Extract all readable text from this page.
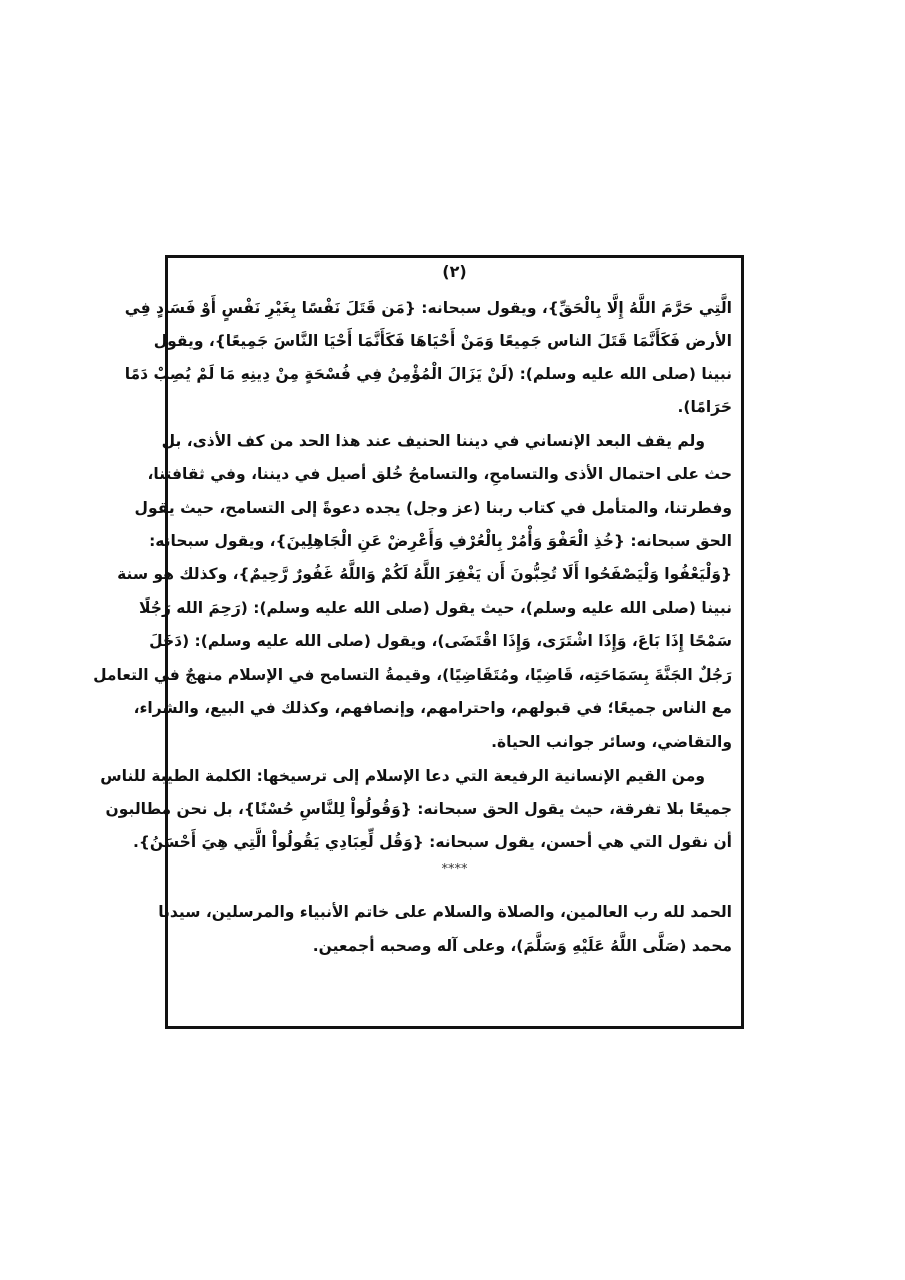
(٢)
الَّتِي حَرَّمَ اللَّهُ إِلَّا بِالْحَقِّ}، ويقول سبحانه: {مَن قَتَلَ نَفْسًا بِغَيْرِ نَفْسٍ أَوْ فَسَادٍ فِي
الأرض فَكَأَنَّمَا قَتَلَ الناس جَمِيعًا وَمَنْ أَحْيَاهَا فَكَأَنَّمَا أَحْيَا النَّاسَ جَمِيعًا}، ويقول
نبينا (صلى الله عليه وسلم): (لَنْ يَزَالَ الْمُؤْمِنُ فِي فُسْحَةٍ مِنْ دِينِهِ مَا لَمْ يُصِبْ دَمًا
حَرَامًا).
ولم يقف البعد الإنساني في ديننا الحنيف عند هذا الحد من كف الأذى، بل
حث على احتمال الأذى والتسامحِ، والتسامحُ خُلق أصيل في ديننا، وفي ثقافتنا،
وفطرتنا، والمتأمل في كتاب ربنا (عز وجل) يجده دعوةً إلى التسامح، حيث يقول
الحق سبحانه: {خُذِ الْعَفْوَ وَأْمُرْ بِالْعُرْفِ وَأَعْرِضْ عَنِ الْجَاهِلِينَ}، ويقول سبحانه:
{وَلْيَعْفُوا وَلْيَصْفَحُوا أَلَا تُحِبُّونَ أَن يَغْفِرَ اللَّهُ لَكُمْ وَاللَّهُ غَفُورٌ رَّحِيمٌ}، وكذلك هو سنة
نبينا (صلى الله عليه وسلم)، حيث يقول (صلى الله عليه وسلم): (رَحِمَ الله رَجُلًا
سَمْحًا إِذَا بَاعَ، وَإِذَا اشْتَرَى، وَإِذَا اقْتَضَى)، ويقول (صلى الله عليه وسلم): (دَخَلَ
رَجُلٌ الجَنَّةَ بِسَمَاحَتِه، قَاضِيًا، ومُتَقَاضِيًا)، وقيمةُ التسامح في الإسلام منهجٌ في التعامل
مع الناس جميعًا؛ في قبولهم، واحترامهم، وإنصافهم، وكذلك في البيع، والشراء،
والتقاضي، وسائر جوانب الحياة.
ومن القيم الإنسانية الرفيعة التي دعا الإسلام إلى ترسيخها: الكلمة الطيبة للناس
جميعًا بلا تفرقة، حيث يقول الحق سبحانه: {وَقُولُواْ لِلنَّاسِ حُسْنًا}، بل نحن مطالبون
أن نقول التي هي أحسن، يقول سبحانه: {وَقُل لِّعِبَادِي يَقُولُواْ الَّتِي هِيَ أَحْسَنُ}.
****
الحمد لله رب العالمين، والصلاة والسلام على خاتم الأنبياء والمرسلين، سيدنا
محمد (صَلَّى اللَّهُ عَلَيْهِ وَسَلَّمَ)، وعلى آله وصحبه أجمعين.
